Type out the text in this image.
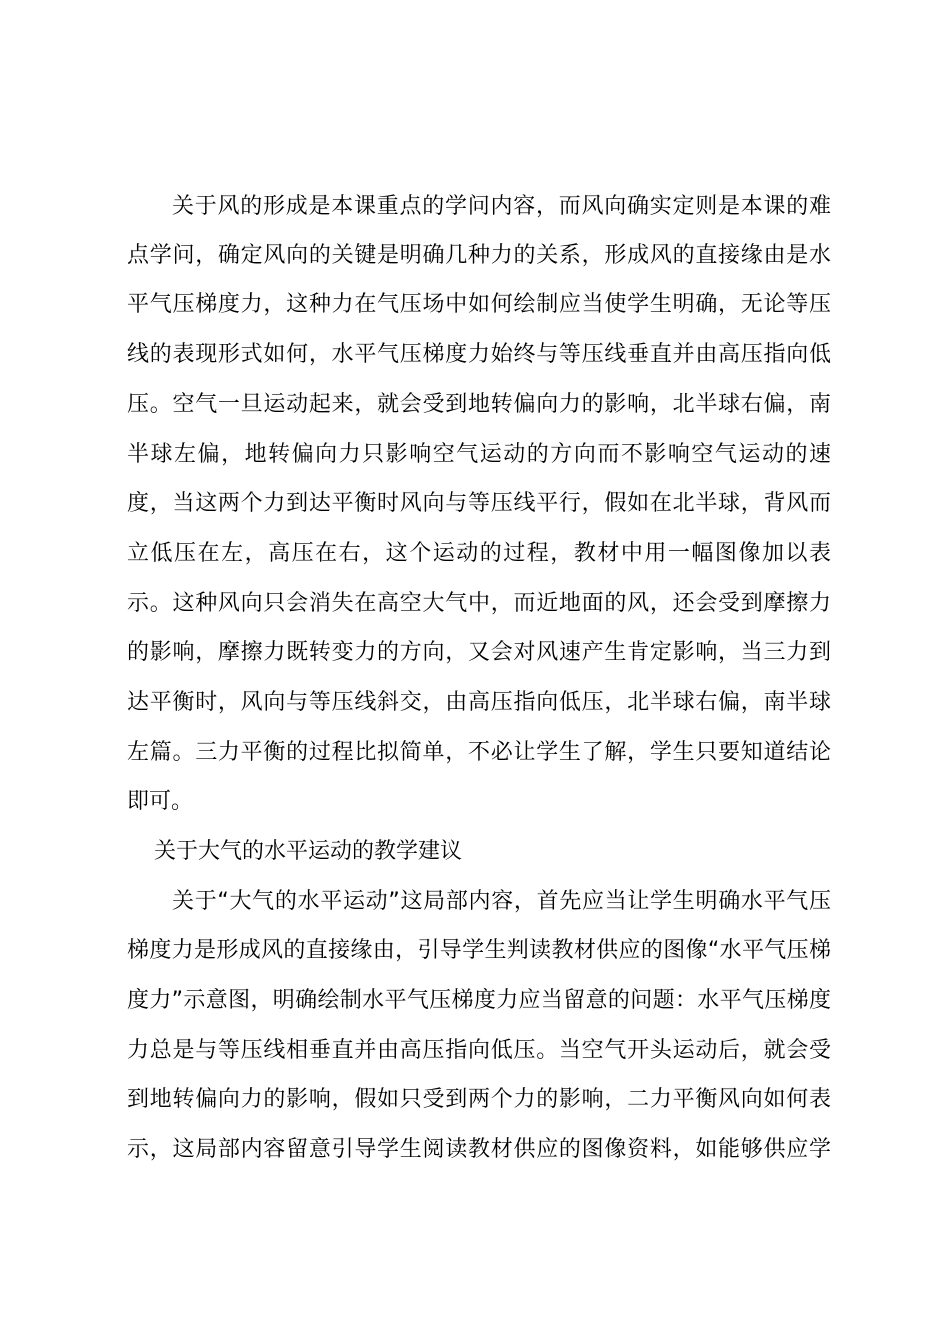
关于风的形成是本课重点的学问内容，而风向确实定则是本课的难
点学问，确定风向的关键是明确几种力的关系，形成风的直接缘由是水
平气压梯度力，这种力在气压场中如何绘制应当使学生明确，无论等压
线的表现形式如何，水平气压梯度力始终与等压线垂直并由高压指向低
压。空气一旦运动起来，就会受到地转偏向力的影响，北半球右偏，南
半球左偏，地转偏向力只影响空气运动的方向而不影响空气运动的速
度，当这两个力到达平衡时风向与等压线平行，假如在北半球，背风而
立低压在左，高压在右，这个运动的过程，教材中用一幅图像加以表
示。这种风向只会消失在高空大气中，而近地面的风，还会受到摩擦力
的影响，摩擦力既转变力的方向，又会对风速产生肯定影响，当三力到
达平衡时，风向与等压线斜交，由高压指向低压，北半球右偏，南半球
左篇。三力平衡的过程比拟简单，不必让学生了解，学生只要知道结论
即可。
关于大气的水平运动的教学建议
关于“大气的水平运动”这局部内容，首先应当让学生明确水平气压
梯度力是形成风的直接缘由，引导学生判读教材供应的图像“水平气压梯
度力”示意图，明确绘制水平气压梯度力应当留意的问题：水平气压梯度
力总是与等压线相垂直并由高压指向低压。当空气开头运动后，就会受
到地转偏向力的影响，假如只受到两个力的影响，二力平衡风向如何表
示，这局部内容留意引导学生阅读教材供应的图像资料，如能够供应学
